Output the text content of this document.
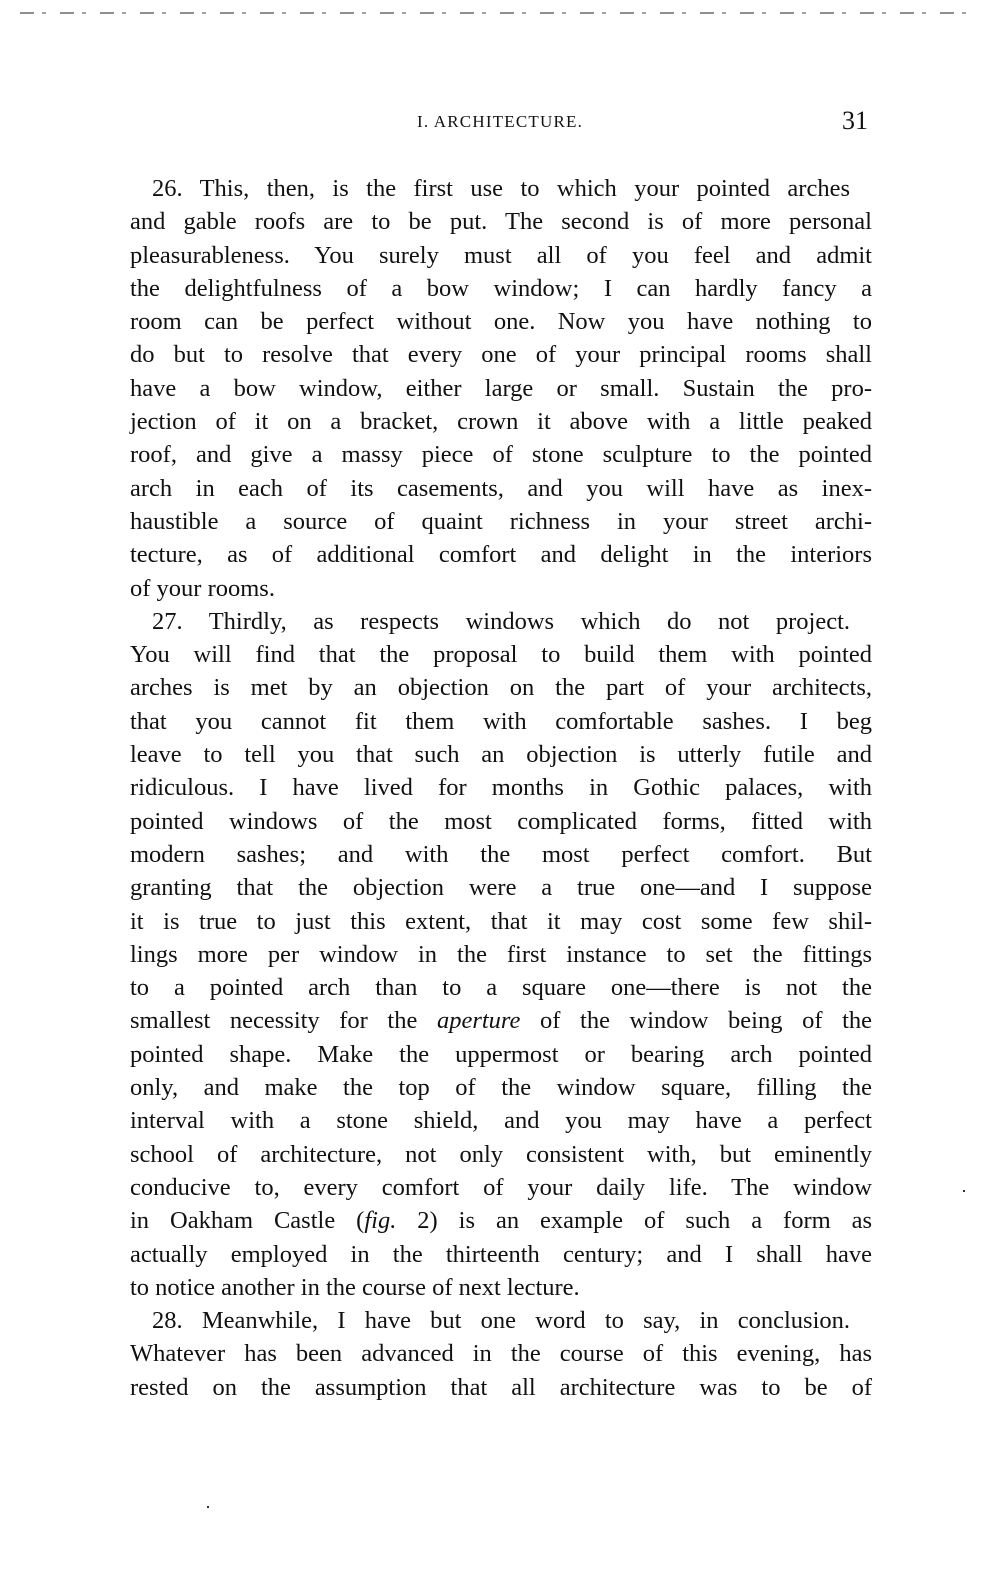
I. ARCHITECTURE.	31
26. This, then, is the first use to which your pointed arches
and gable roofs are to be put. The second is of more personal
pleasurableness. You surely must all of you feel and admit
the delightfulness of a bow window; I can hardly fancy a
room can be perfect without one. Now you have nothing to
do but to resolve that every one of your principal rooms shall
have a bow window, either large or small. Sustain the pro-
jection of it on a bracket, crown it above with a little peaked
roof, and give a massy piece of stone sculpture to the pointed
arch in each of its casements, and you will have as inex-
haustible a source of quaint richness in your street archi-
tecture, as of additional comfort and delight in the interiors
of your rooms.
27. Thirdly, as respects windows which do not project.
You will find that the proposal to build them with pointed
arches is met by an objection on the part of your architects,
that you cannot fit them with comfortable sashes. I beg
leave to tell you that such an objection is utterly futile and
ridiculous. I have lived for months in Gothic palaces, with
pointed windows of the most complicated forms, fitted with
modern sashes; and with the most perfect comfort. But
granting that the objection were a true one—and I suppose
it is true to just this extent, that it may cost some few shil-
lings more per window in the first instance to set the fittings
to a pointed arch than to a square one—there is not the
smallest necessity for the aperture of the window being of the
pointed shape. Make the uppermost or bearing arch pointed
only, and make the top of the window square, filling the
interval with a stone shield, and you may have a perfect
school of architecture, not only consistent with, but eminently
conducive to, every comfort of your daily life. The window
in Oakham Castle (fig. 2) is an example of such a form as
actually employed in the thirteenth century; and I shall have
to notice another in the course of next lecture.
28. Meanwhile, I have but one word to say, in conclusion.
Whatever has been advanced in the course of this evening, has
rested on the assumption that all architecture was to be of
